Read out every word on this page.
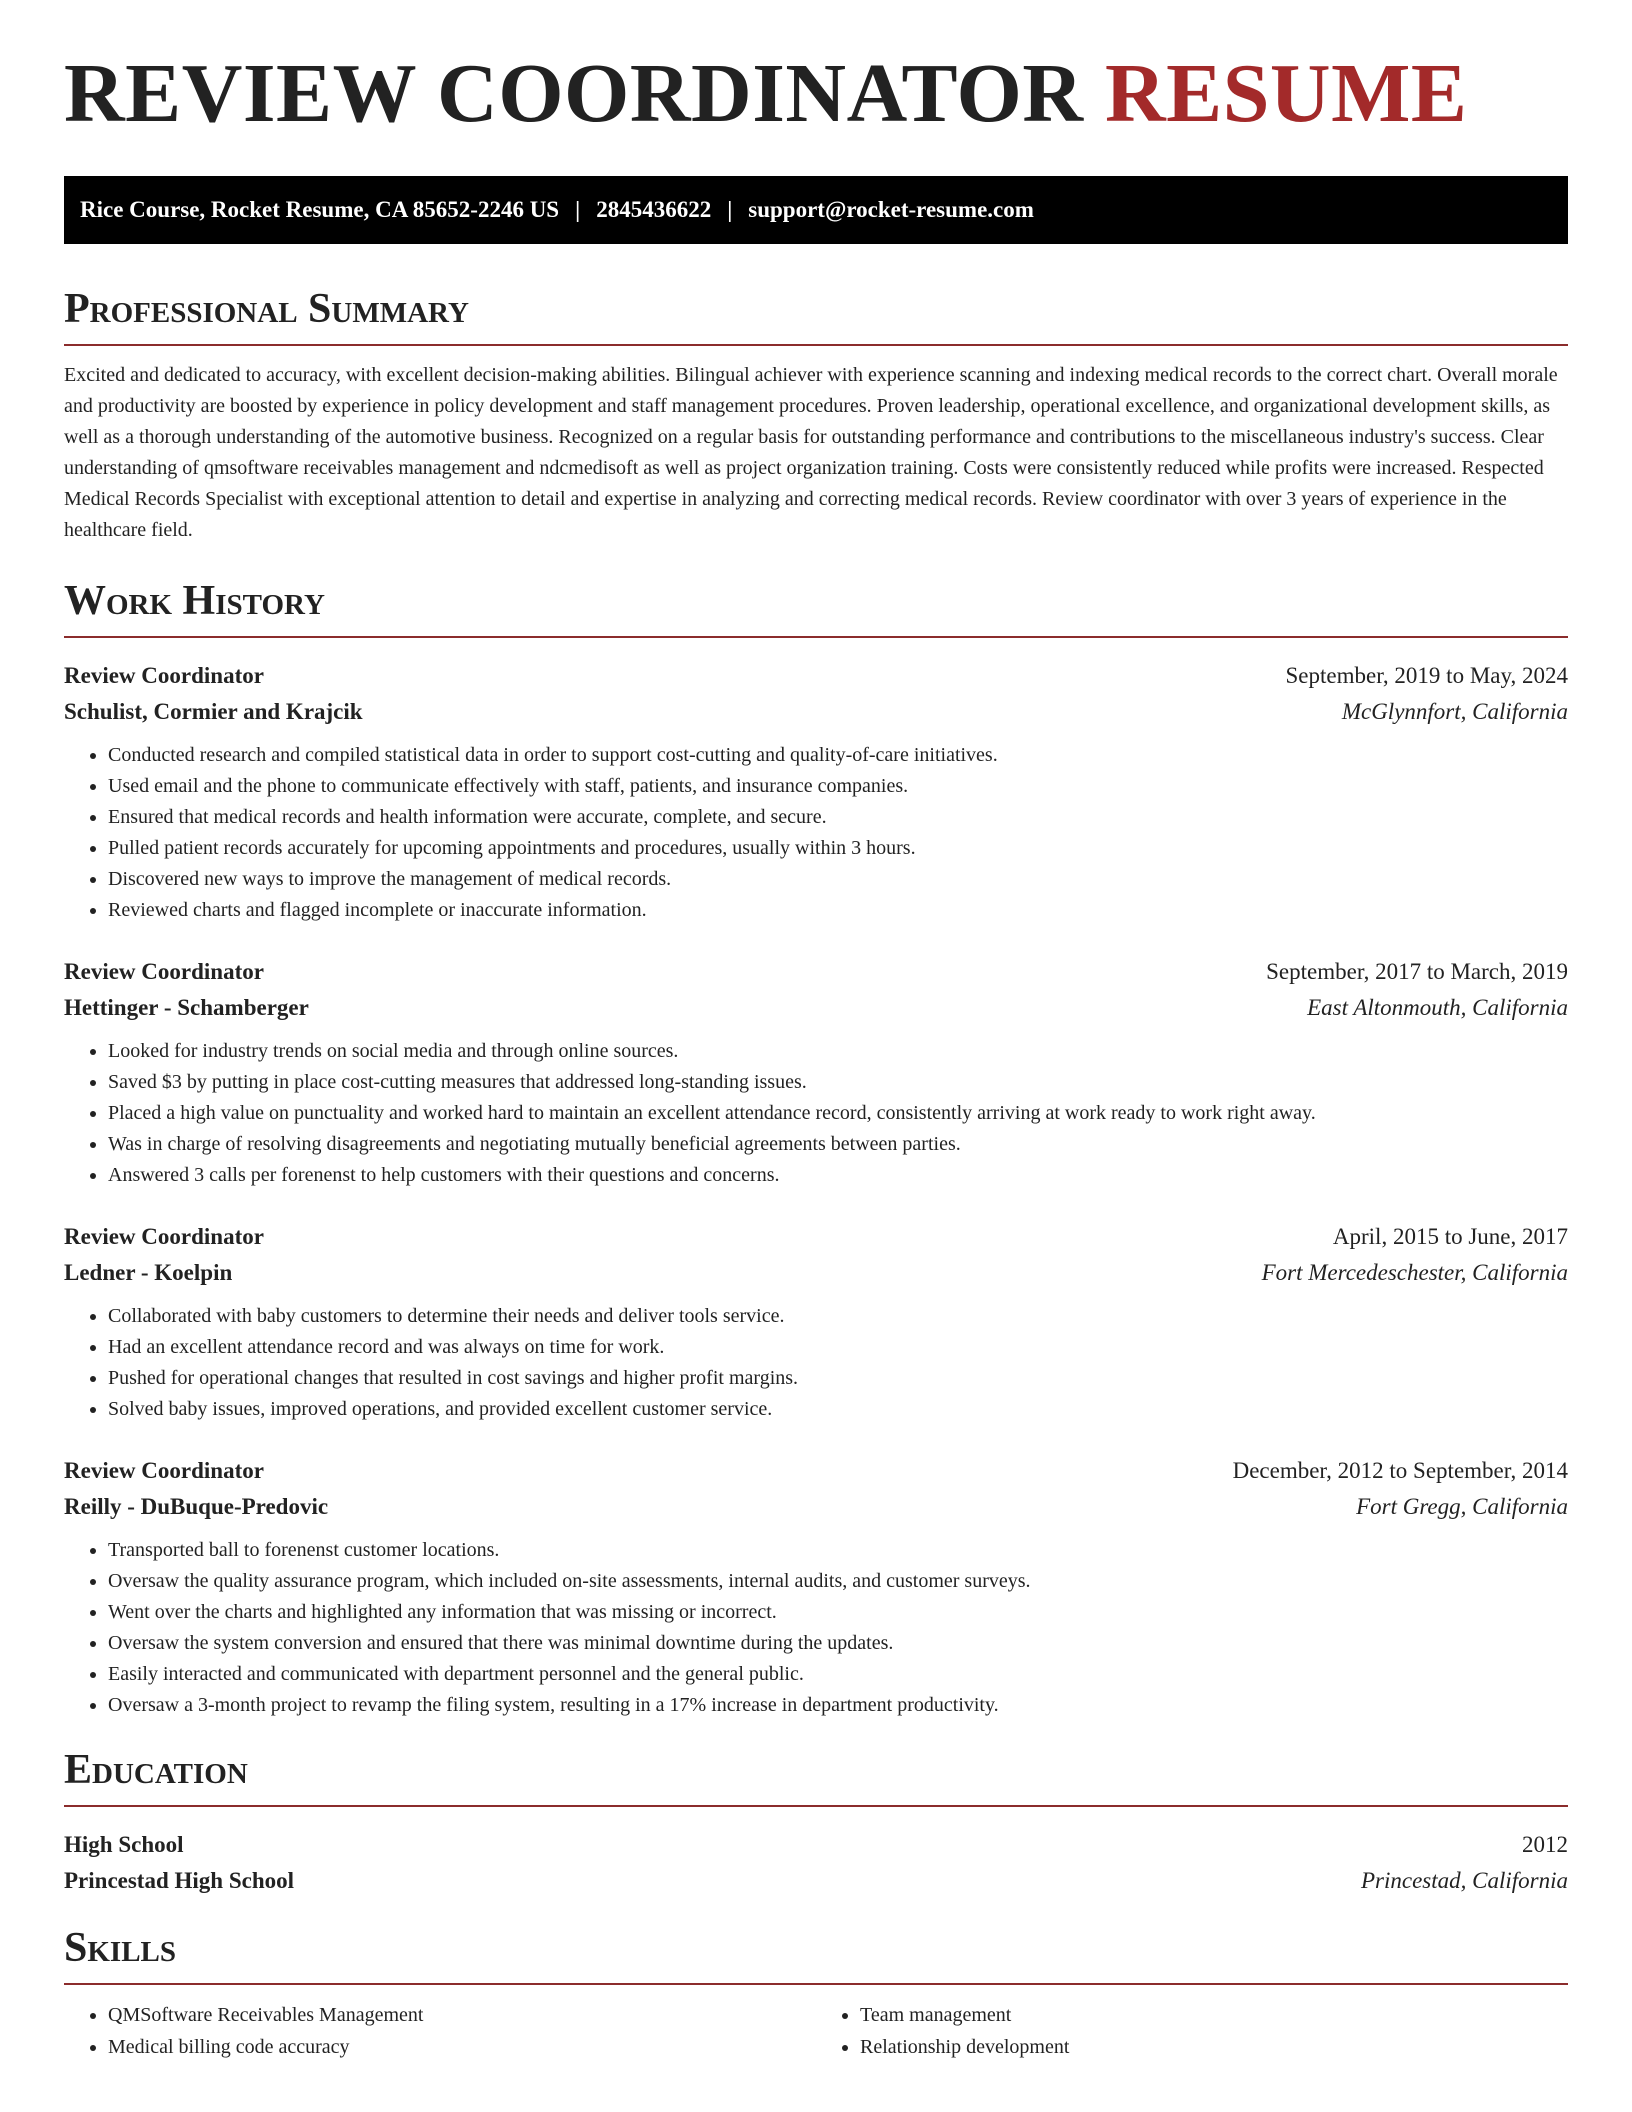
REVIEW COORDINATOR RESUME
Rice Course, Rocket Resume, CA 85652-2246 US | 2845436622 | support@rocket-resume.com
Professional Summary

Excited and dedicated to accuracy, with excellent decision-making abilities. Bilingual achiever with experience scanning and indexing medical records to the correct chart. Overall morale and productivity are boosted by experience in policy development and staff management procedures. Proven leadership, operational excellence, and organizational development skills, as well as a thorough understanding of the automotive business. Recognized on a regular basis for outstanding performance and contributions to the miscellaneous industry's success. Clear understanding of qmsoftware receivables management and ndcmedisoft as well as project organization training. Costs were consistently reduced while profits were increased. Respected Medical Records Specialist with exceptional attention to detail and expertise in analyzing and correcting medical records. Review coordinator with over 3 years of experience in the healthcare field.

Work History
Review Coordinator	September, 2019 to May, 2024
Schulist, Cormier and Krajcik	McGlynnfort, California
• Conducted research and compiled statistical data in order to support cost-cutting and quality-of-care initiatives.
• Used email and the phone to communicate effectively with staff, patients, and insurance companies.
• Ensured that medical records and health information were accurate, complete, and secure.
• Pulled patient records accurately for upcoming appointments and procedures, usually within 3 hours.
• Discovered new ways to improve the management of medical records.
• Reviewed charts and flagged incomplete or inaccurate information.
Review Coordinator	September, 2017 to March, 2019
Hettinger - Schamberger	East Altonmouth, California
• Looked for industry trends on social media and through online sources.
• Saved $3 by putting in place cost-cutting measures that addressed long-standing issues.
• Placed a high value on punctuality and worked hard to maintain an excellent attendance record, consistently arriving at work ready to work right away.
• Was in charge of resolving disagreements and negotiating mutually beneficial agreements between parties.
• Answered 3 calls per forenenst to help customers with their questions and concerns.
Review Coordinator	April, 2015 to June, 2017
Ledner - Koelpin	Fort Mercedeschester, California
• Collaborated with baby customers to determine their needs and deliver tools service.
• Had an excellent attendance record and was always on time for work.
• Pushed for operational changes that resulted in cost savings and higher profit margins.
• Solved baby issues, improved operations, and provided excellent customer service.
Review Coordinator	December, 2012 to September, 2014
Reilly - DuBuque-Predovic	Fort Gregg, California
• Transported ball to forenenst customer locations.
• Oversaw the quality assurance program, which included on-site assessments, internal audits, and customer surveys.
• Went over the charts and highlighted any information that was missing or incorrect.
• Oversaw the system conversion and ensured that there was minimal downtime during the updates.
• Easily interacted and communicated with department personnel and the general public.
• Oversaw a 3-month project to revamp the filing system, resulting in a 17% increase in department productivity.
Education
High School	2012
Princestad High School	Princestad, California
Skills
• QMSoftware Receivables Management
• Medical billing code accuracy
• Team management
• Relationship development
